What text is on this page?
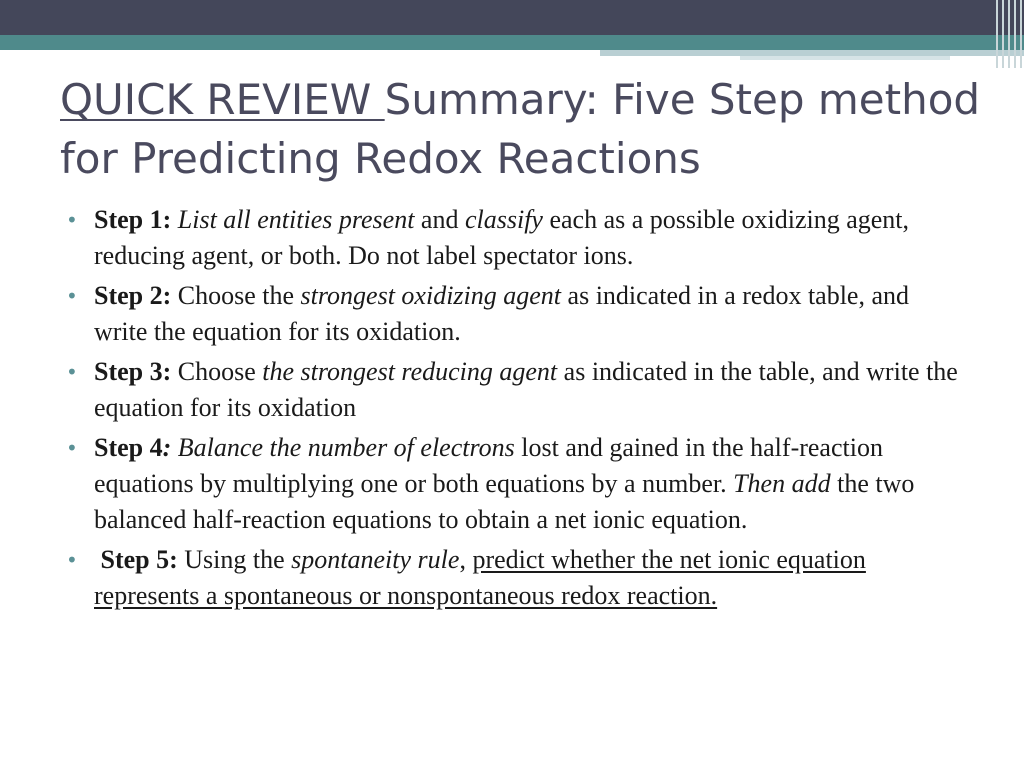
QUICK REVIEW Summary: Five Step method for Predicting Redox Reactions
• Step 1: List all entities present and classify each as a possible oxidizing agent, reducing agent, or both. Do not label spectator ions.
• Step 2: Choose the strongest oxidizing agent as indicated in a redox table, and write the equation for its oxidation.
• Step 3: Choose the strongest reducing agent as indicated in the table, and write the equation for its oxidation
• Step 4: Balance the number of electrons lost and gained in the half-reaction equations by multiplying one or both equations by a number. Then add the two balanced half-reaction equations to obtain a net ionic equation.
• Step 5: Using the spontaneity rule, predict whether the net ionic equation represents a spontaneous or nonspontaneous redox reaction.
